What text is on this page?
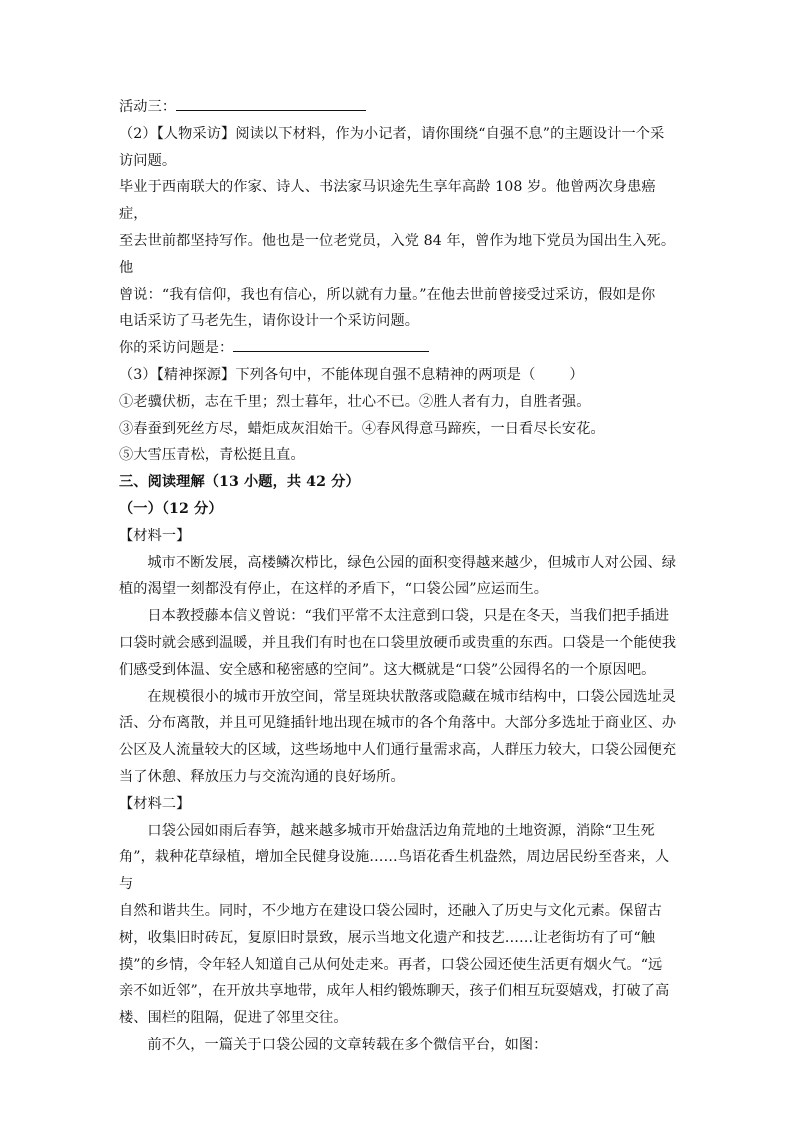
活动三：

（2）【人物采访】阅读以下材料，作为小记者，请你围绕“自强不息”的主题设计一个采

访问题。

毕业于西南联大的作家、诗人、书法家马识途先生享年高龄 108 岁。他曾两次身患癌症，

至去世前都坚持写作。他也是一位老党员，入党 84 年，曾作为地下党员为国出生入死。他

曾说：“我有信仰，我也有信心，所以就有力量。”在他去世前曾接受过采访，假如是你

电话采访了马老先生，请你设计一个采访问题。

你的采访问题是：

（3）【精神探源】下列各句中，不能体现自强不息精神的两项是（ ）

①老骥伏枥，志在千里；烈士暮年，壮心不已。②胜人者有力，自胜者强。

③春蚕到死丝方尽，蜡炬成灰泪始干。④春风得意马蹄疾，一日看尽长安花。

⑤大雪压青松，青松挺且直。

三、阅读理解（13 小题，共 42 分）

（一）（12 分）

【材料一】

城市不断发展，高楼鳞次栉比，绿色公园的面积变得越来越少，但城市人对公园、绿

植的渴望一刻都没有停止，在这样的矛盾下，“口袋公园”应运而生。

日本教授藤本信义曾说：“我们平常不太注意到口袋，只是在冬天，当我们把手插进

口袋时就会感到温暖，并且我们有时也在口袋里放硬币或贵重的东西。口袋是一个能使我

们感受到体温、安全感和秘密感的空间”。这大概就是“口袋”公园得名的一个原因吧。

在规模很小的城市开放空间，常呈斑块状散落或隐藏在城市结构中，口袋公园选址灵

活、分布离散，并且可见缝插针地出现在城市的各个角落中。大部分多选址于商业区、办

公区及人流量较大的区域，这些场地中人们通行量需求高，人群压力较大，口袋公园便充

当了休憩、释放压力与交流沟通的良好场所。

【材料二】

口袋公园如雨后春笋，越来越多城市开始盘活边角荒地的土地资源，消除“卫生死

角”，栽种花草绿植，增加全民健身设施……鸟语花香生机盎然，周边居民纷至沓来，人与

自然和谐共生。同时，不少地方在建设口袋公园时，还融入了历史与文化元素。保留古

树，收集旧时砖瓦，复原旧时景致，展示当地文化遗产和技艺……让老街坊有了可“触

摸”的乡情，令年轻人知道自己从何处走来。再者，口袋公园还使生活更有烟火气。“远

亲不如近邻”，在开放共享地带，成年人相约锻炼聊天，孩子们相互玩耍嬉戏，打破了高

楼、围栏的阻隔，促进了邻里交往。

前不久，一篇关于口袋公园的文章转载在多个微信平台，如图：
